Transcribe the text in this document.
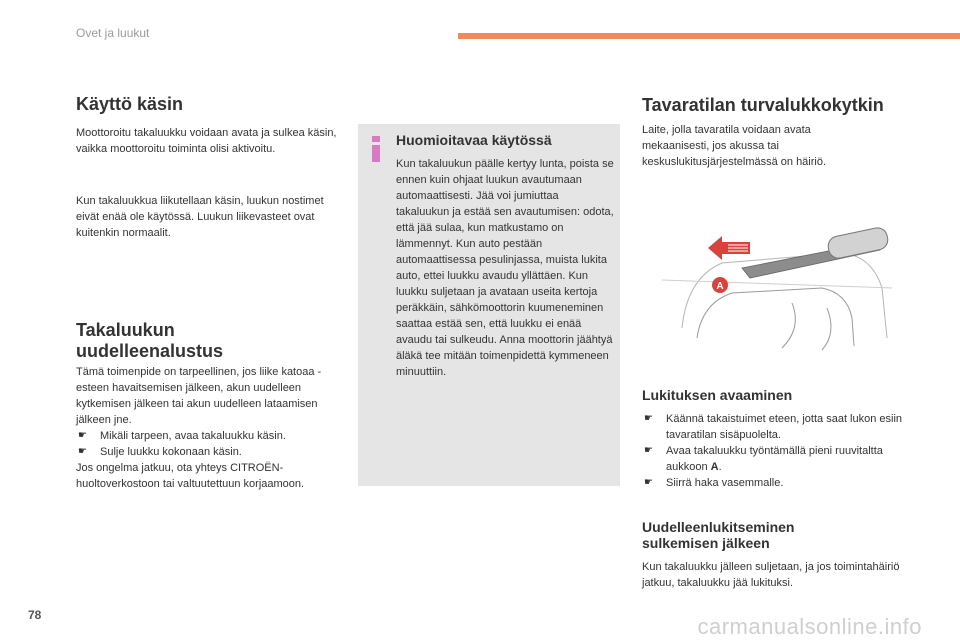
Ovet ja luukut
Käyttö käsin

Moottoroitu takaluukku voidaan avata ja sulkea käsin, vaikka moottoroitu toiminta olisi aktivoitu.

Kun takaluukkua liikutellaan käsin, luukun nostimet eivät enää ole käytössä. Luukun liikevasteet ovat kuitenkin normaalit.

Takaluukun
uudelleenalustus

Tämä toimenpide on tarpeellinen, jos liike katoaa - esteen havaitsemisen jälkeen, akun uudelleen kytkemisen jälkeen tai akun uudelleen lataamisen jälkeen jne.

☛ Mikäli tarpeen, avaa takaluukku käsin.
☛ Sulje luukku kokonaan käsin.

Jos ongelma jatkuu, ota yhteys CITROËN-huoltoverkostoon tai valtuutettuun korjaamoon.

Huomioitavaa käytössä
Kun takaluukun päälle kertyy lunta, poista se ennen kuin ohjaat luukun avautumaan automaattisesti. Jää voi jumiuttaa takaluukun ja estää sen avautumisen: odota, että jää sulaa, kun matkustamo on lämmennyt. Kun auto pestään automaattisessa pesulinjassa, muista lukita auto, ettei luukku avaudu yllättäen. Kun luukku suljetaan ja avataan useita kertoja peräkkäin, sähkömoottorin kuumeneminen saattaa estää sen, että luukku ei enää avaudu tai sulkeudu. Anna moottorin jäähtyä äläkä tee mitään toimenpidettä kymmeneen minuuttiin.
Tavaratilan turvalukkokytkin

Laite, jolla tavaratila voidaan avata mekaanisesti, jos akussa tai keskuslukitusjärjestelmässä on häiriö.

A
Lukituksen avaaminen
☛ Käännä takaistuimet eteen, jotta saat lukon esiin tavaratilan sisäpuolelta.
☛ Avaa takaluukku työntämällä pieni ruuvitaltta aukkoon A.
☛ Siirrä haka vasemmalle.
Uudelleenlukitseminen
sulkemisen jälkeen

Kun takaluukku jälleen suljetaan, ja jos toimintahäiriö jatkuu, takaluukku jää lukituksi.

78	carmanualsonline.info
